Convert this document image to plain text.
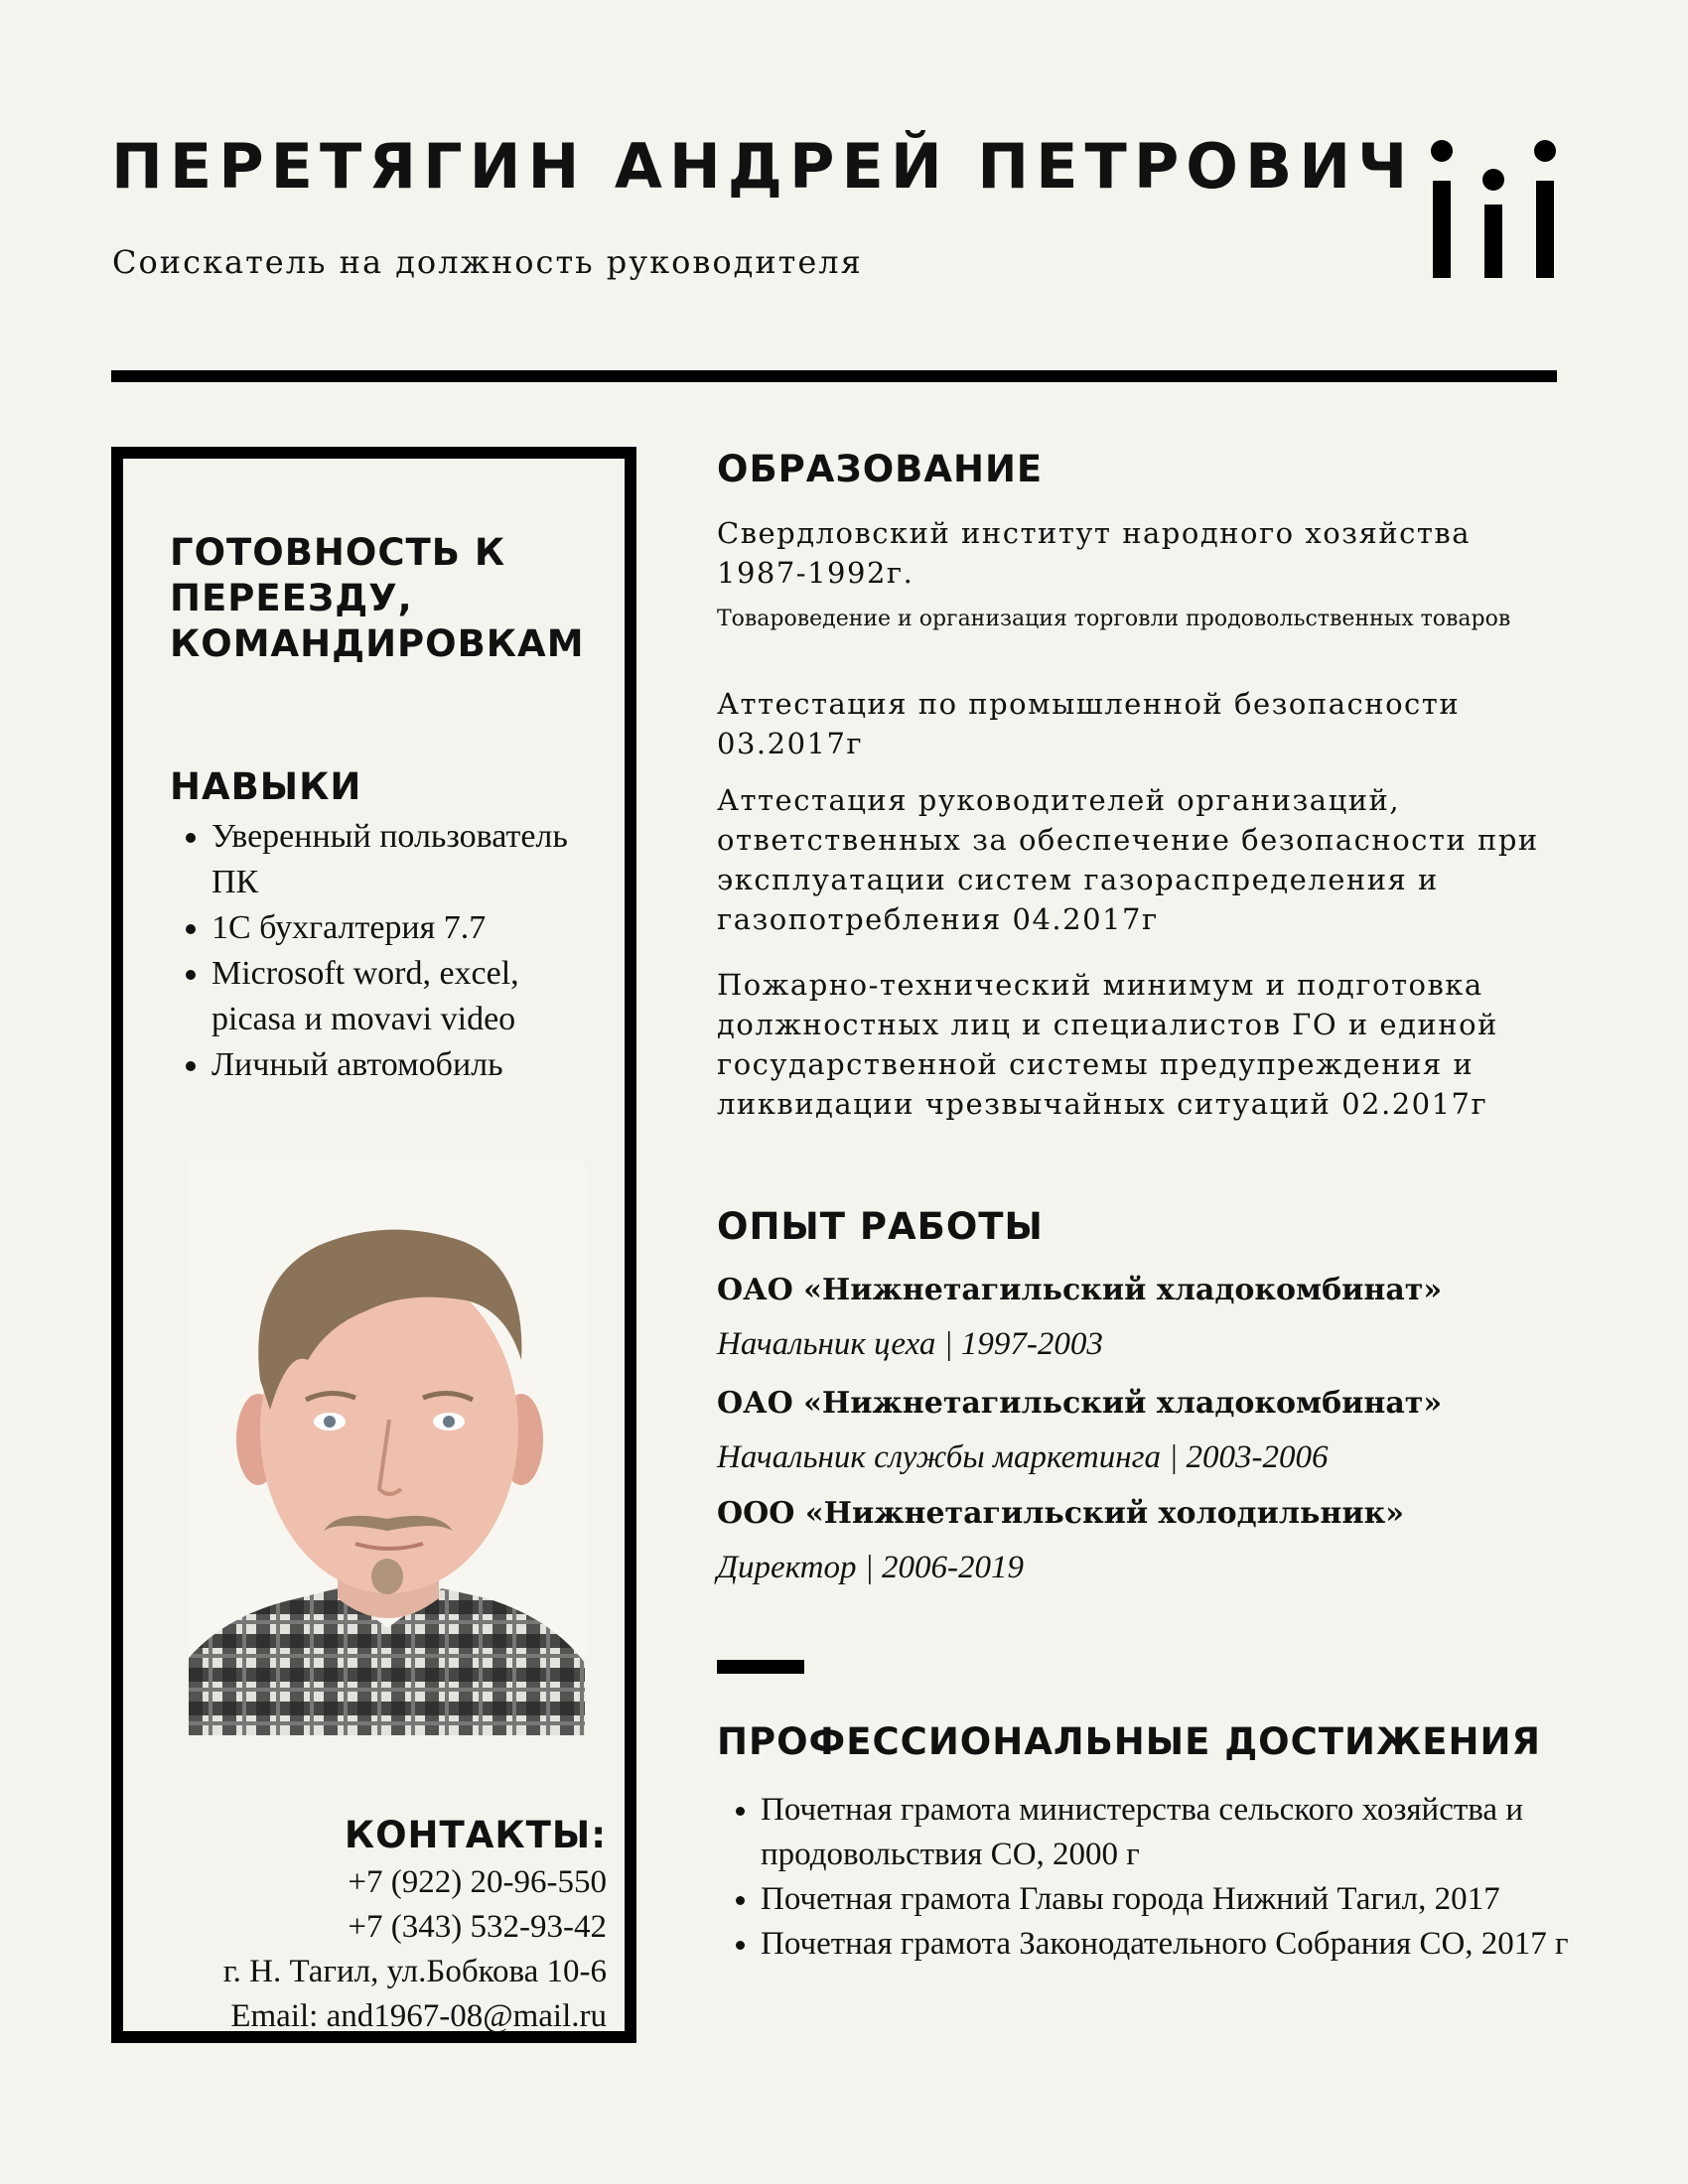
ПЕРЕТЯГИН АНДРЕЙ ПЕТРОВИЧ

Соискатель на должность руководителя

ГОТОВНОСТЬ К ПЕРЕЕЗДУ, КОМАНДИРОВКАМ
НАВЫКИ
• Уверенный пользователь ПК
• 1С бухгалтерия 7.7
• Microsoft word, excel, picasa и movavi video
• Личный автомобиль
КОНТАКТЫ:
+7 (922) 20-96-550
+7 (343) 532-93-42
г. Н. Тагил, ул.Бобкова 10-6
Email: and1967-08@mail.ru
ОБРАЗОВАНИЕ

Свердловский институт народного хозяйства 1987-1992г.

Товароведение и организация торговли продовольственных товаров

Аттестация по промышленной безопасности 03.2017г

Аттестация руководителей организаций, ответственных за обеспечение безопасности при эксплуатации систем газораспределения и газопотребления 04.2017г

Пожарно-технический минимум и подготовка должностных лиц и специалистов ГО и единой государственной системы предупреждения и ликвидации чрезвычайных ситуаций 02.2017г

ОПЫТ РАБОТЫ

ОАО «Нижнетагильский хладокомбинат»

Начальник цеха | 1997-2003

ОАО «Нижнетагильский хладокомбинат»

Начальник службы маркетинга | 2003-2006

ООО «Нижнетагильский холодильник»

Директор | 2006-2019

ПРОФЕССИОНАЛЬНЫЕ ДОСТИЖЕНИЯ
• Почетная грамота министерства сельского хозяйства и продовольствия СО, 2000 г
• Почетная грамота Главы города Нижний Тагил, 2017
• Почетная грамота Законодательного Собрания СО, 2017 г
